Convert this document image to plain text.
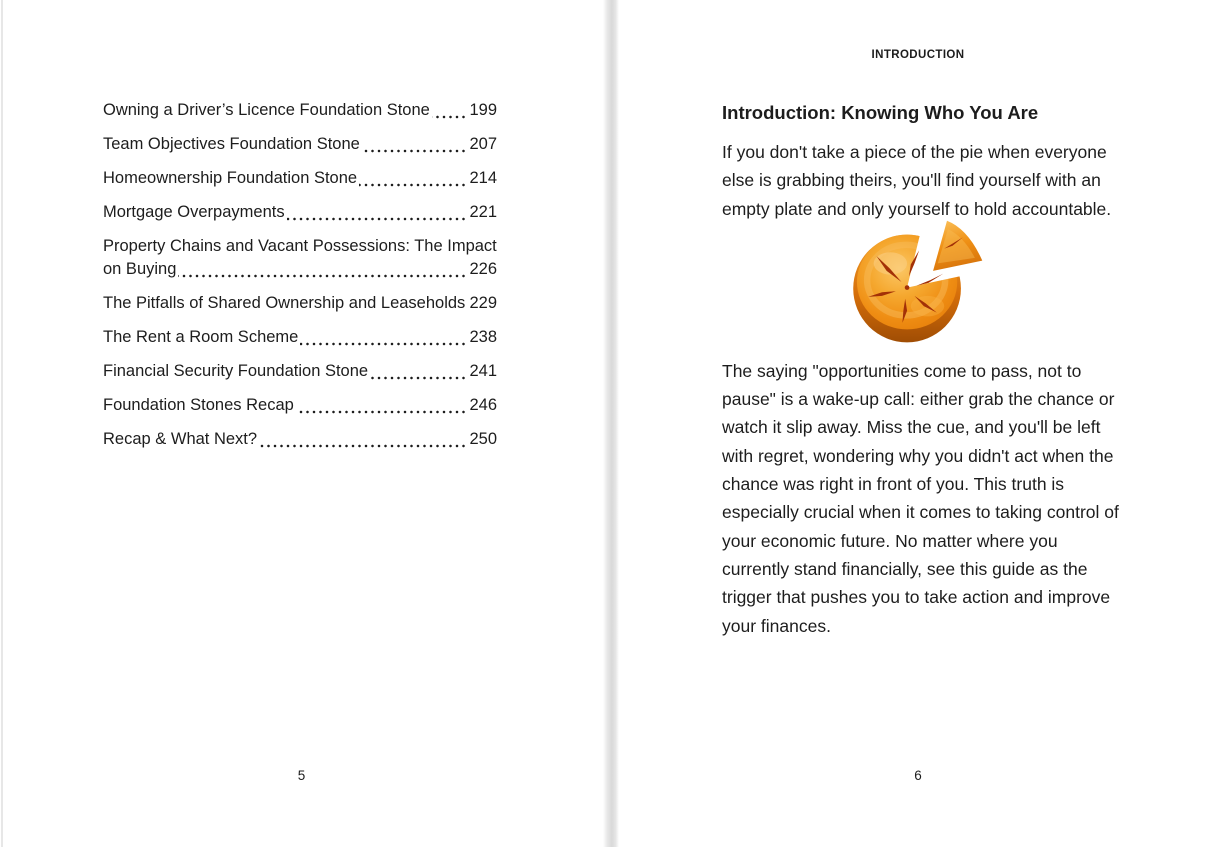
Owning a Driver’s Licence Foundation Stone 199
Team Objectives Foundation Stone	207
Homeownership Foundation Stone	214
Mortgage Overpayments	221
Property Chains and Vacant Possessions: The Impact on Buying	226
The Pitfalls of Shared Ownership and Leaseholds 229
The Rent a Room Scheme	238
Financial Security Foundation Stone	241
Foundation Stones Recap	246
Recap & What Next?	250
5
INTRODUCTION
Introduction: Knowing Who You Are
If you don't take a piece of the pie when everyone else is grabbing theirs, you'll find yourself with an empty plate and only yourself to hold accountable.
The saying "opportunities come to pass, not to pause" is a wake-up call: either grab the chance or watch it slip away. Miss the cue, and you'll be left with regret, wondering why you didn't act when the chance was right in front of you. This truth is especially crucial when it comes to taking control of your economic future. No matter where you currently stand financially, see this guide as the trigger that pushes you to take action and improve your finances.
6
